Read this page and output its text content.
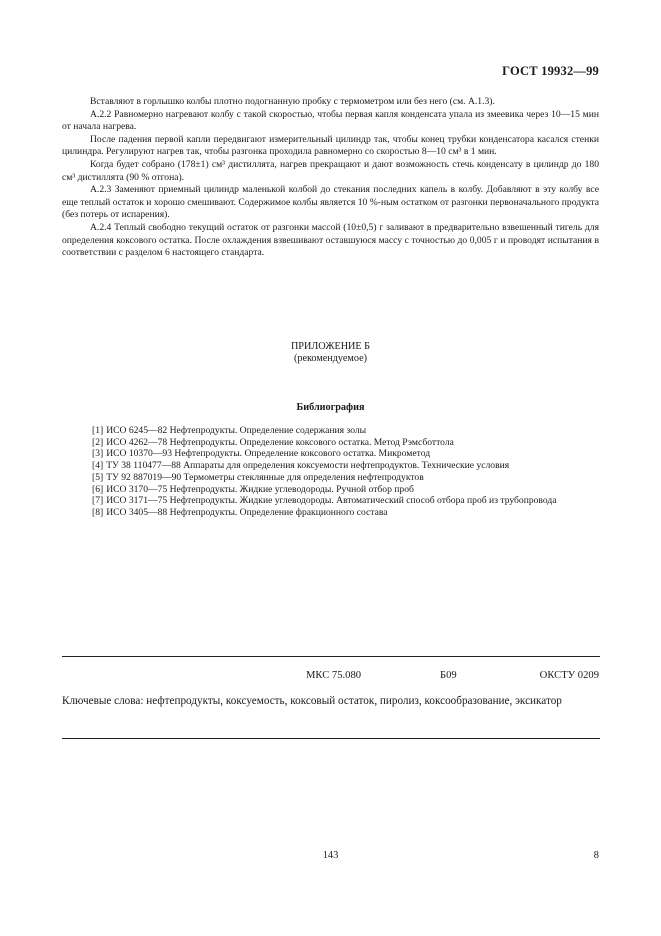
ГОСТ 19932—99

Вставляют в горлышко колбы плотно подогнанную пробку с термометром или без него (см. А.1.3).

А.2.2 Равномерно нагревают колбу с такой скоростью, чтобы первая капля конденсата упала из змеевика через 10—15 мин от начала нагрева.

После падения первой капли передвигают измерительный цилиндр так, чтобы конец трубки конденсатора касался стенки цилиндра. Регулируют нагрев так, чтобы разгонка проходила равномерно со скоростью 8—10 см³ в 1 мин.

Когда будет собрано (178±1) см³ дистиллята, нагрев прекращают и дают возможность стечь конденсату в цилиндр до 180 см³ дистиллята (90 % отгона).

А.2.3 Заменяют приемный цилиндр маленькой колбой до стекания последних капель в колбу. Добавляют в эту колбу все еще теплый остаток и хорошо смешивают. Содержимое колбы является 10 %-ным остатком от разгонки первоначального продукта (без потерь от испарения).

А.2.4 Теплый свободно текущий остаток от разгонки массой (10±0,5) г заливают в предварительно взвешенный тигель для определения коксового остатка. После охлаждения взвешивают оставшуюся массу с точностью до 0,005 г и проводят испытания в соответствии с разделом 6 настоящего стандарта.

ПРИЛОЖЕНИЕ Б
(рекомендуемое)
Библиография
[1] ИСО 6245—82 Нефтепродукты. Определение содержания золы
[2] ИСО 4262—78 Нефтепродукты. Определение коксового остатка. Метод Рэмсботтола
[3] ИСО 10370—93 Нефтепродукты. Определение коксового остатка. Микрометод
[4] ТУ 38 110477—88 Аппараты для определения коксуемости нефтепродуктов. Технические условия
[5] ТУ 92 887019—90 Термометры стеклянные для определения нефтепродуктов
[6] ИСО 3170—75 Нефтепродукты. Жидкие углеводороды. Ручной отбор проб
[7] ИСО 3171—75 Нефтепродукты. Жидкие углеводороды. Автоматический способ отбора проб из трубопровода
[8] ИСО 3405—88 Нефтепродукты. Определение фракционного состава
МКС 75.080	Б09	ОКСТУ 0209
Ключевые слова: нефтепродукты, коксуемость, коксовый остаток, пиролиз, коксообразование, эксикатор
143	8
